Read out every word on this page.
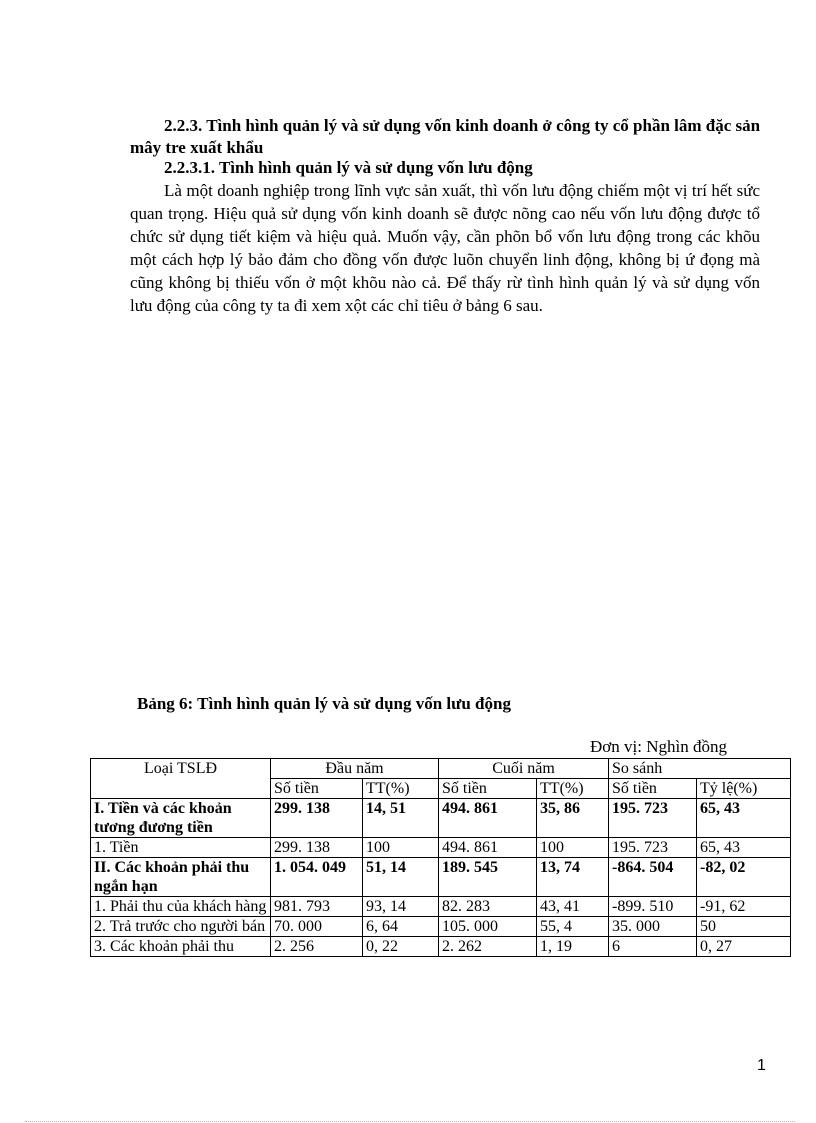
2.2.3. Tình hình quản lý và sử dụng vốn kinh doanh ở công ty cổ phần lâm đặc sản mây tre xuất khẩu
2.2.3.1. Tình hình quản lý và sử dụng vốn lưu động
Là một doanh nghiệp trong lĩnh vực sản xuất, thì vốn lưu động chiếm một vị trí hết sức quan trọng. Hiệu quả sử dụng vốn kinh doanh sẽ được nõng cao nếu vốn lưu động được tổ chức sử dụng tiết kiệm và hiệu quả. Muốn vậy, cần phõn bổ vốn lưu động trong các khõu một cách hợp lý bảo đảm cho đồng vốn được luõn chuyển linh động, không bị ứ đọng mà cũng không bị thiếu vốn ở một khõu nào cả. Để thấy rừ tình hình quản lý và sử dụng vốn lưu động của công ty ta đi xem xột các chỉ tiêu ở bảng 6 sau.
Bảng 6: Tình hình quản lý và sử dụng vốn lưu động
Đơn vị: Nghìn đồng
Loại TSLĐ	Đầu năm		Cuối năm		So sánh	
	Số tiền	TT(%)	Số tiền	TT(%)	Số tiền	Tỷ lệ(%)
I. Tiền và các khoản tương đương tiền	299. 138	14, 51	494. 861	35, 86	195. 723	65, 43
1. Tiền	299. 138	100	494. 861	100	195. 723	65, 43
II. Các khoản phải thu ngắn hạn	1. 054. 049	51, 14	189. 545	13, 74	-864. 504	-82, 02
1. Phải thu của khách hàng	981. 793	93, 14	82. 283	43, 41	-899. 510	-91, 62
2. Trả trước cho người bán	70. 000	6, 64	105. 000	55, 4	35. 000	50
3. Các khoản phải thu	2. 256	0, 22	2. 262	1, 19	6	0, 27
1
